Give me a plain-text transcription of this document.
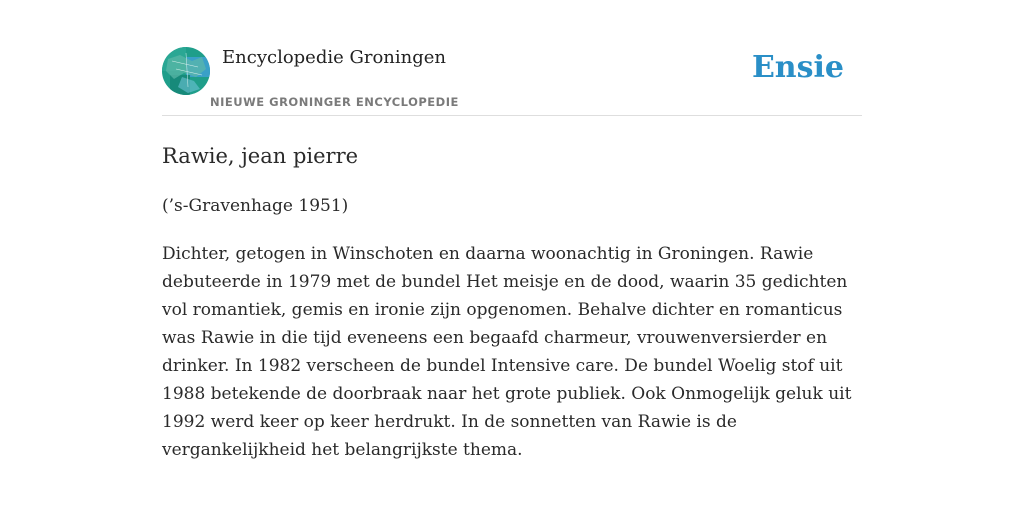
Encyclopedie Groningen
NIEUWE GRONINGER ENCYCLOPEDIE
Ensie
Rawie, jean pierre

(’s-Gravenhage 1951)

Dichter, getogen in Winschoten en daarna woonachtig in Groningen. Rawie debuteerde in 1979 met de bundel Het meisje en de dood, waarin 35 gedichten vol romantiek, gemis en ironie zijn opgenomen. Behalve dichter en romanticus was Rawie in die tijd eveneens een begaafd charmeur, vrouwenversierder en drinker. In 1982 verscheen de bundel Intensive care. De bundel Woelig stof uit 1988 betekende de doorbraak naar het grote publiek. Ook Onmogelijk geluk uit 1992 werd keer op keer herdrukt. In de sonnetten van Rawie is de vergankelijkheid het belangrijkste thema.
